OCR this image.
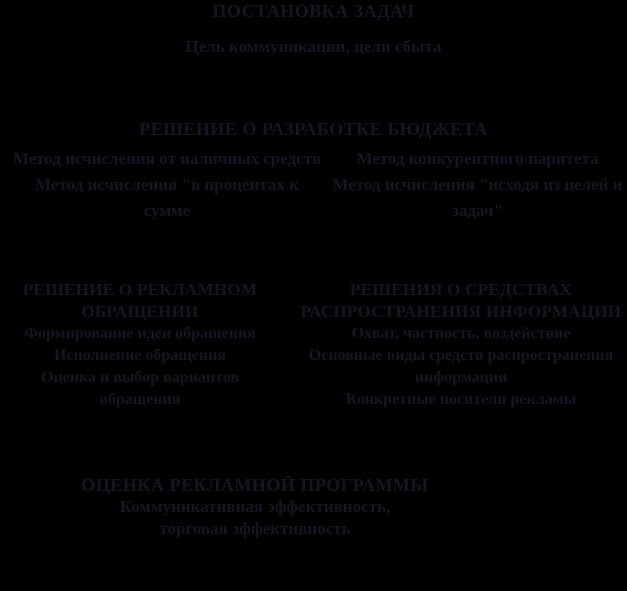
ПОСТАНОВКА ЗАДАЧ
Цель коммуникации, цели сбыта
РЕШЕНИЕ О РАЗРАБОТКЕ БЮДЖЕТА
Метод исчисления от наличных средств
Метод исчисления "в процентах к сумме
Метод конкурентного паритета
Метод исчисления "исходя из целей и задач"
РЕШЕНИЕ О РЕКЛАМНОМ ОБРАЩЕНИИ
Формирование идеи обращения
Исполнение обращения
Оценка и выбор вариантов обращения
РЕШЕНИЯ О СРЕДСТВАХ РАСПРОСТРАНЕНИЯ ИНФОРМАЦИИ
Охват, частность, воздействие
Основные виды средств распространения информации
Конкретные носители рекламы
ОЦЕНКА РЕКЛАМНОЙ ПРОГРАММЫ
Коммуникативная эффективность,
торговая эффективность
